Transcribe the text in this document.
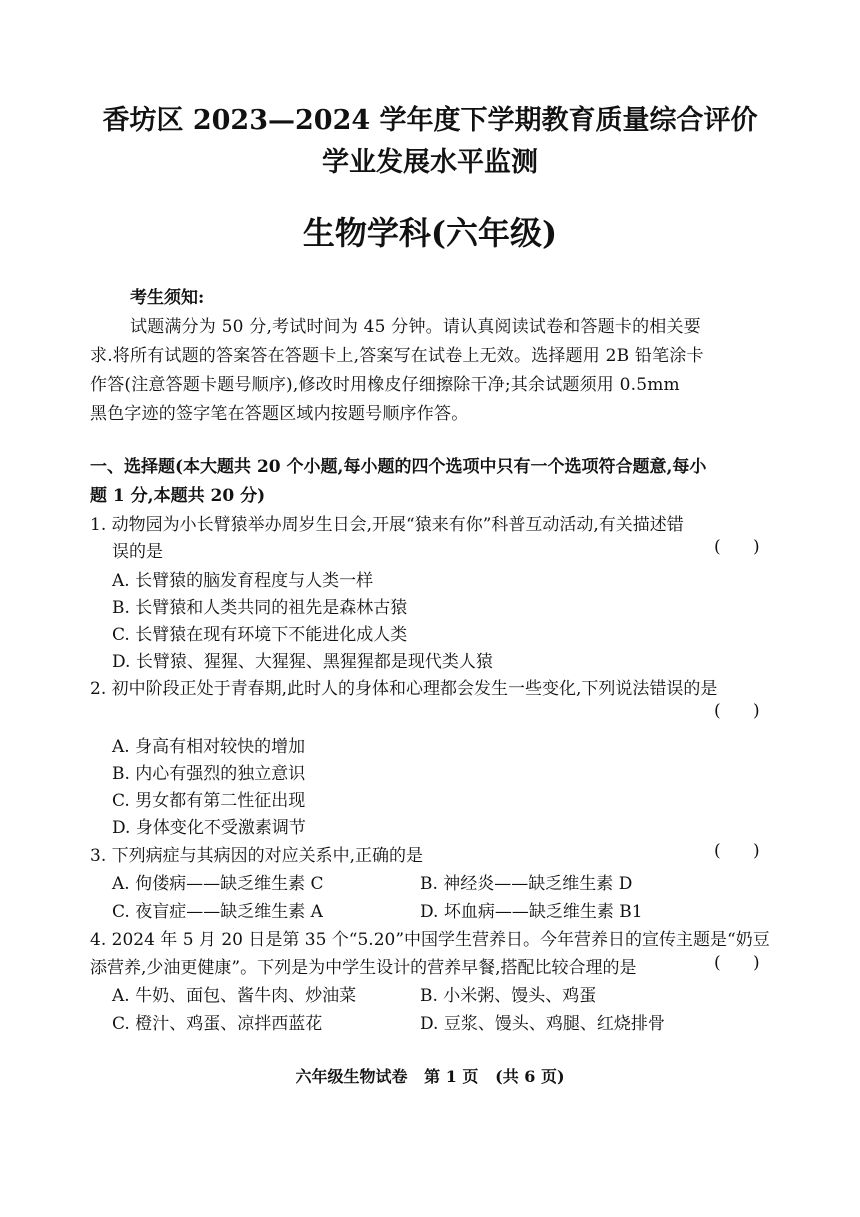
香坊区 2023—2024 学年度下学期教育质量综合评价
学业发展水平监测
生物学科(六年级)
考生须知:
试题满分为 50 分,考试时间为 45 分钟。请认真阅读试卷和答题卡的相关要
求.将所有试题的答案答在答题卡上,答案写在试卷上无效。选择题用 2B 铅笔涂卡
作答(注意答题卡题号顺序),修改时用橡皮仔细擦除干净;其余试题须用 0.5mm
黑色字迹的签字笔在答题区域内按题号顺序作答。
一、选择题(本大题共 20 个小题,每小题的四个选项中只有一个选项符合题意,每小
题 1 分,本题共 20 分)
1. 动物园为小长臂猿举办周岁生日会,开展“猿来有你”科普互动活动,有关描述错
误的是	(      )
A. 长臂猿的脑发育程度与人类一样
B. 长臂猿和人类共同的祖先是森林古猿
C. 长臂猿在现有环境下不能进化成人类
D. 长臂猿、猩猩、大猩猩、黑猩猩都是现代类人猿
2. 初中阶段正处于青春期,此时人的身体和心理都会发生一些变化,下列说法错误的是
(      )
A. 身高有相对较快的增加
B. 内心有强烈的独立意识
C. 男女都有第二性征出现
D. 身体变化不受激素调节
3. 下列病症与其病因的对应关系中,正确的是	(      )
A. 佝偻病——缺乏维生素 C	B. 神经炎——缺乏维生素 D
C. 夜盲症——缺乏维生素 A	D. 坏血病——缺乏维生素 B1
4. 2024 年 5 月 20 日是第 35 个“5.20”中国学生营养日。今年营养日的宣传主题是“奶豆
添营养,少油更健康”。下列是为中学生设计的营养早餐,搭配比较合理的是	(      )
A. 牛奶、面包、酱牛肉、炒油菜	B. 小米粥、馒头、鸡蛋
C. 橙汁、鸡蛋、凉拌西蓝花	D. 豆浆、馒头、鸡腿、红烧排骨
六年级生物试卷   第 1 页   (共 6 页)
